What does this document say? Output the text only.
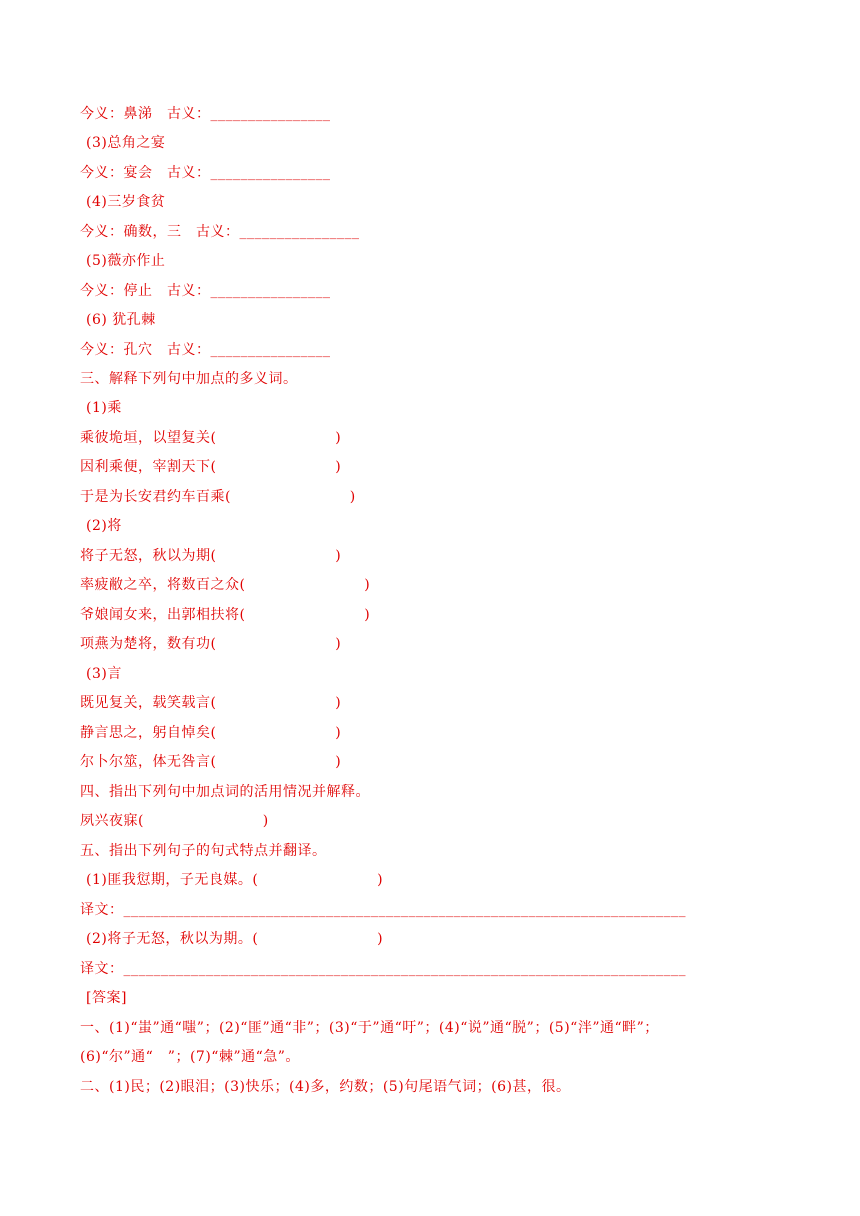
今义：鼻涕　古义：________________
(3)总角之宴
今义：宴会　古义：________________
(4)三岁食贫
今义：确数，三　古义：________________
(5)薇亦作止
今义：停止　古义：________________
(6) 犹孔棘
今义：孔穴　古义：________________
三、解释下列句中加点的多义词。
(1)乘
乘彼垝垣，以望复关(                        )
因利乘便，宰割天下(                        )
于是为长安君约车百乘(                        )
(2)将
将子无怒，秋以为期(                        )
率疲敝之卒，将数百之众(                        )
爷娘闻女来，出郭相扶将(                        )
项燕为楚将，数有功(                        )
(3)言
既见复关，载笑载言(                        )
静言思之，躬自悼矣(                        )
尔卜尔筮，体无咎言(                        )
四、指出下列句中加点词的活用情况并解释。
夙兴夜寐(                        )
五、指出下列句子的句式特点并翻译。
(1)匪我愆期，子无良媒。(                        )
译文：___________________________________________________________________________
(2)将子无怒，秋以为期。(                        )
译文：___________________________________________________________________________
[答案]
一、(1)“蚩”通“嗤”；(2)“匪”通“非”；(3)“于”通“吁”；(4)“说”通“脱”；(5)“泮”通“畔”；
(6)“尔”通“　”；(7)“棘”通“急”。
二、(1)民；(2)眼泪；(3)快乐；(4)多，约数；(5)句尾语气词；(6)甚，很。
